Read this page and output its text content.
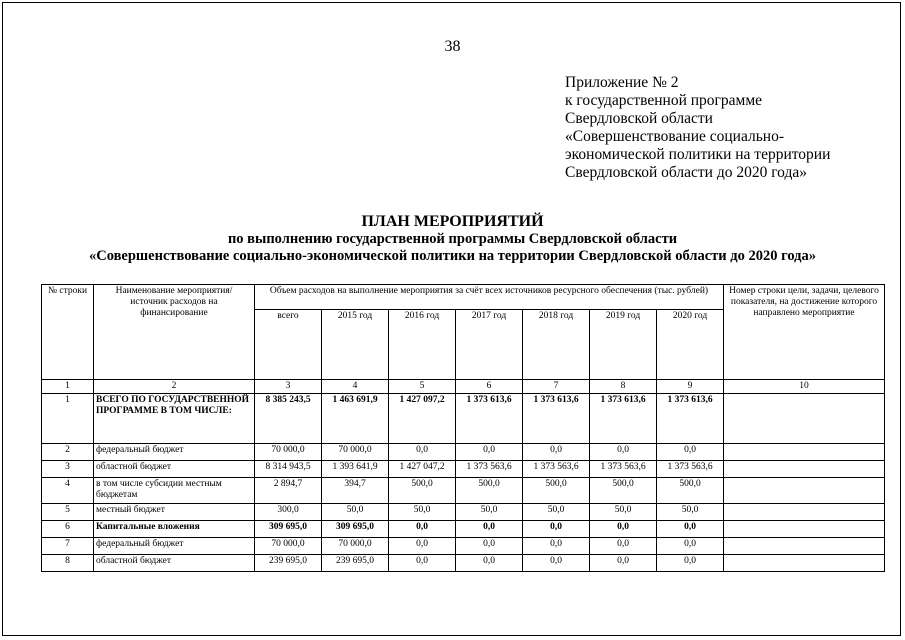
38
Приложение № 2
к государственной программе
Свердловской области
«Совершенствование социально-
экономической политики на территории
Свердловской области до 2020 года»
ПЛАН МЕРОПРИЯТИЙ
по выполнению государственной программы Свердловской области
«Совершенствование социально-экономической политики на территории Свердловской области до 2020 года»
№ строки	Наименование мероприятия/ источник расходов на финансирование	Объем расходов на выполнение мероприятия за счёт всех источников ресурсного обеспечения (тыс. рублей)							Номер строки цели, задачи, целевого показателя, на достижение которого направлено мероприятие
		всего	2015 год	2016 год	2017 год	2018 год	2019 год	2020 год	
1	2	3	4	5	6	7	8	9	10
1	ВСЕГО ПО ГОСУДАРСТВЕННОЙ ПРОГРАММЕ В ТОМ ЧИСЛЕ:	8 385 243,5	1 463 691,9	1 427 097,2	1 373 613,6	1 373 613,6	1 373 613,6	1 373 613,6	
2	федеральный бюджет	70 000,0	70 000,0	0,0	0,0	0,0	0,0	0,0	
3	областной бюджет	8 314 943,5	1 393 641,9	1 427 047,2	1 373 563,6	1 373 563,6	1 373 563,6	1 373 563,6	
4	в том числе субсидии местным бюджетам	2 894,7	394,7	500,0	500,0	500,0	500,0	500,0	
5	местный бюджет	300,0	50,0	50,0	50,0	50,0	50,0	50,0	
6	Капитальные вложения	309 695,0	309 695,0	0,0	0,0	0,0	0,0	0,0	
7	федеральный бюджет	70 000,0	70 000,0	0,0	0,0	0,0	0,0	0,0	
8	областной бюджет	239 695,0	239 695,0	0,0	0,0	0,0	0,0	0,0	
